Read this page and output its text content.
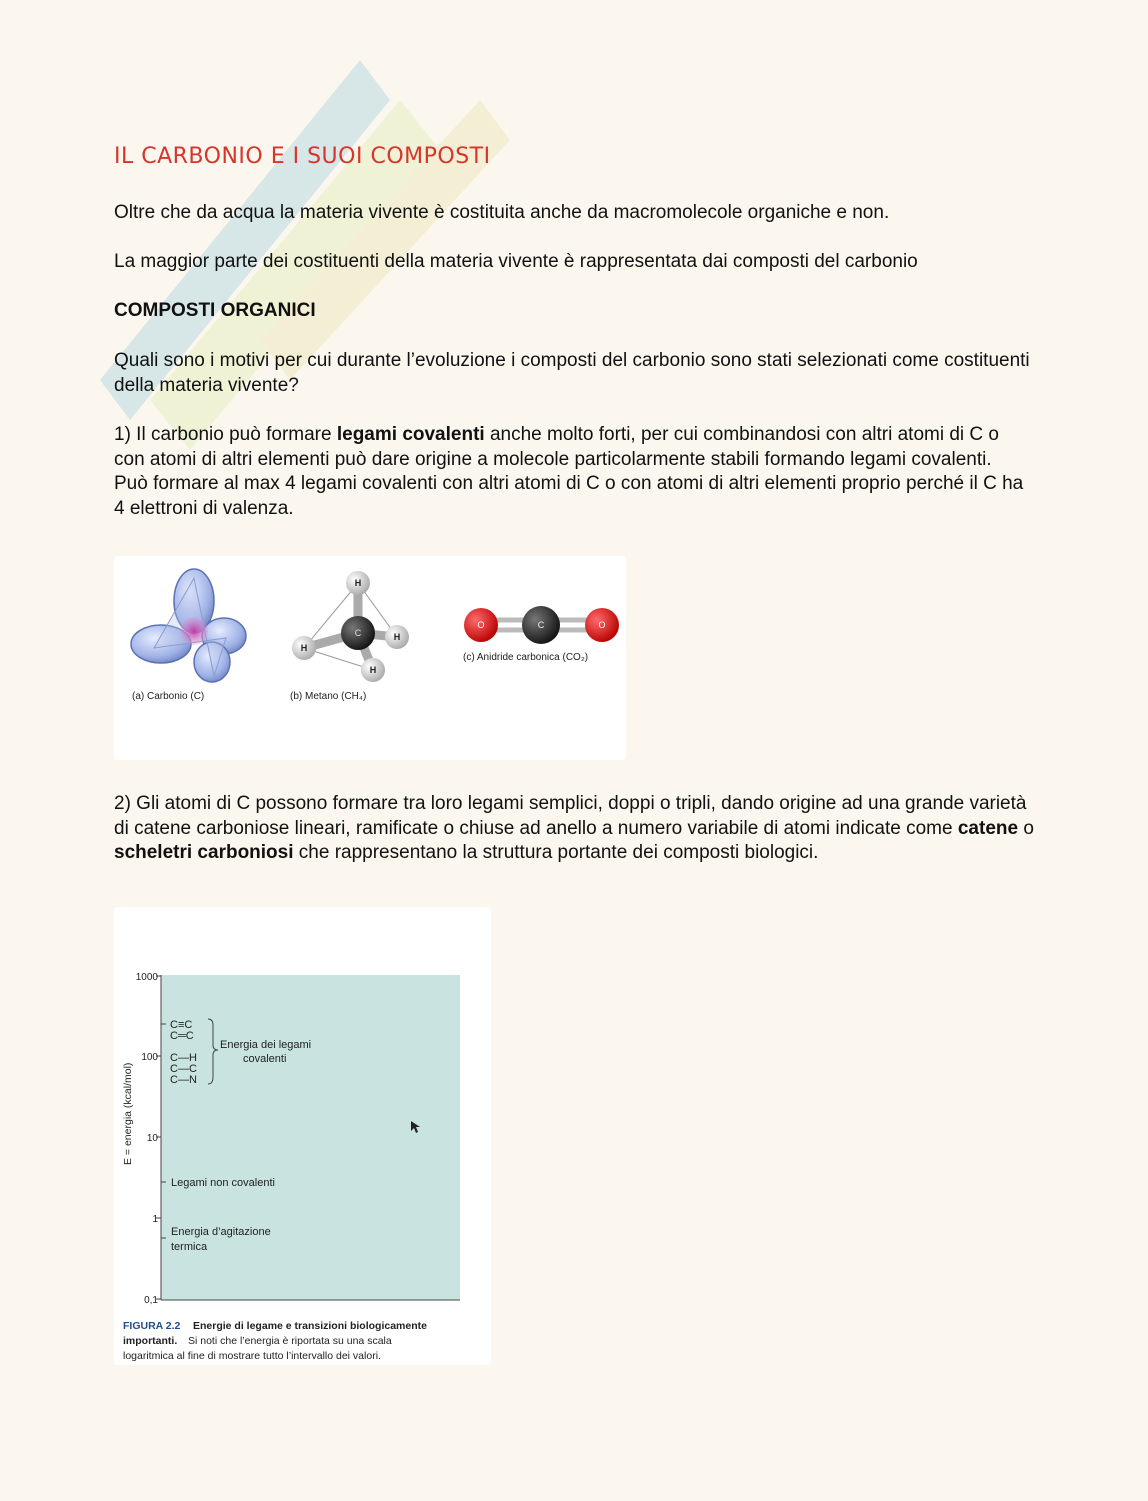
IL CARBONIO E I SUOI COMPOSTI

Oltre che da acqua la materia vivente è costituita anche da macromolecole organiche e non.

La maggior parte dei costituenti della materia vivente è rappresentata dai composti del carbonio

COMPOSTI ORGANICI

Quali sono i motivi per cui durante l’evoluzione i composti del carbonio sono stati selezionati come costituenti della materia vivente?

1) Il carbonio può formare legami covalenti anche molto forti, per cui combinandosi con altri atomi di C o con atomi di altri elementi può dare origine a molecole particolarmente stabili formando legami covalenti.
Può formare al max 4 legami covalenti con altri atomi di C o con atomi di altri elementi proprio perché il C ha 4 elettroni di valenza.

(a) Carbonio (C)
H
H
H
H
C
(b) Metano (CH₄)
O	C	O
(c) Anidride carbonica (CO₂)

2) Gli atomi di C possono formare tra loro legami semplici, doppi o tripli, dando origine ad una grande varietà di catene carboniose lineari, ramificate o chiuse ad anello a numero variabile di atomi indicate come catene o scheletri carboniosi che rappresentano la struttura portante dei composti biologici.

1000
100
10
1
0,1
E = energia (kcal/mol)
C≡C
C═C
C—H
C—C
C—N
Energia dei legami
covalenti
Legami non covalenti
Energia d’agitazione
termica
FIGURA 2.2 Energie di legame e transizioni biologicamente
importanti. Si noti che l’energia è riportata su una scala
logaritmica al fine di mostrare tutto l’intervallo dei valori.
